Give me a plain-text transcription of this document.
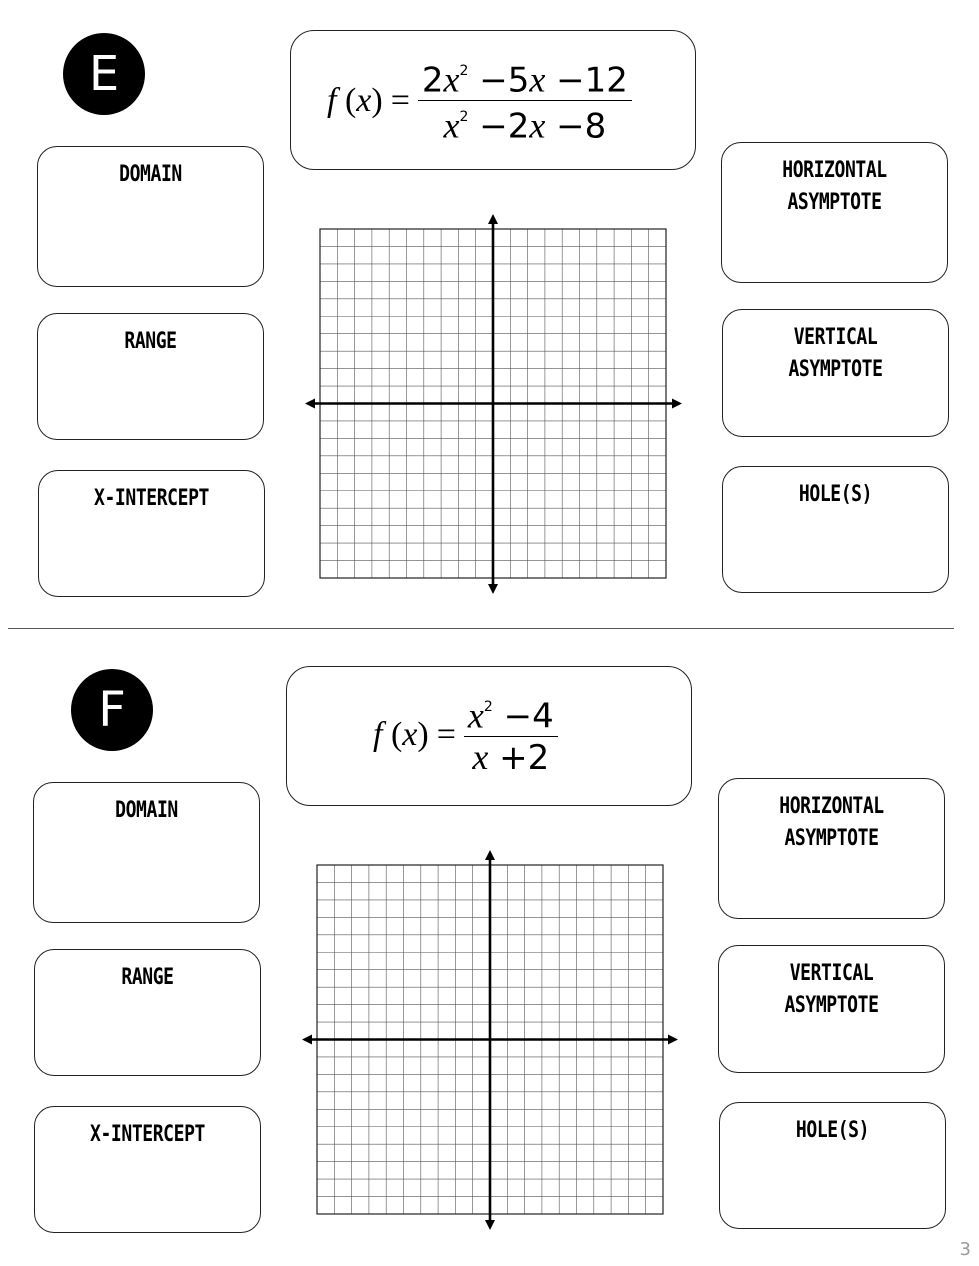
E	f $(x) = \frac{2x^2 -5x -12}{x^2 -2x -8}$
DOMAIN
RANGE
X-INTERCEPT
HORIZONTAL
ASYMPTOTE
VERTICAL
ASYMPTOTE
HOLE(S)
F	f $(x) = \frac{x^2 -4}{x +2}$
DOMAIN
RANGE
X-INTERCEPT
HORIZONTAL
ASYMPTOTE
VERTICAL
ASYMPTOTE
HOLE(S)
3
